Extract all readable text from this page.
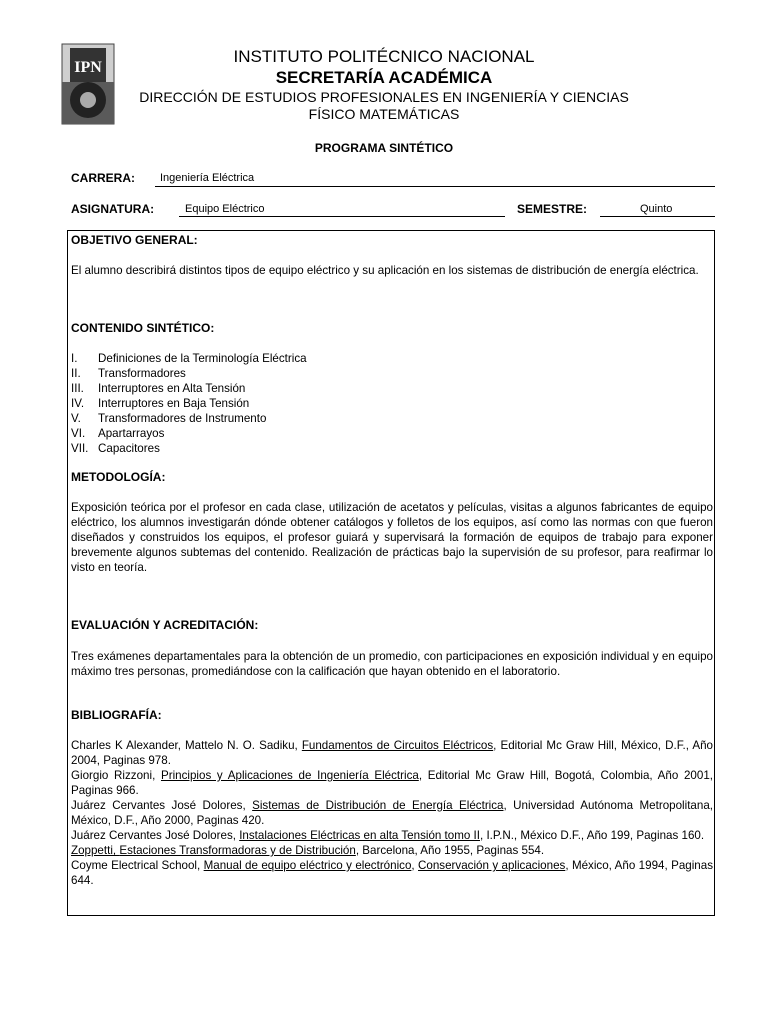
IPN
INSTITUTO POLITÉCNICO NACIONAL
SECRETARÍA ACADÉMICA
DIRECCIÓN DE ESTUDIOS PROFESIONALES EN INGENIERÍA Y CIENCIAS
FÍSICO MATEMÁTICAS
PROGRAMA SINTÉTICO
CARRERA: Ingeniería Eléctrica
ASIGNATURA:	Equipo Eléctrico	SEMESTRE:	Quinto
OBJETIVO GENERAL:
El alumno describirá distintos tipos de equipo eléctrico y su aplicación en los sistemas de distribución de energía eléctrica.
CONTENIDO SINTÉTICO:
I.	Definiciones de la Terminología Eléctrica
II.	Transformadores
III.	Interruptores en Alta Tensión
IV.	Interruptores en Baja Tensión
V.	Transformadores de Instrumento
VI.	Apartarrayos
VII. Capacitores
METODOLOGÍA:
Exposición teórica por el profesor en cada clase, utilización de acetatos y películas, visitas a algunos fabricantes de equipo eléctrico, los alumnos investigarán dónde obtener catálogos y folletos de los equipos, así como las normas con que fueron diseñados y construidos los equipos, el profesor guiará y supervisará la formación de equipos de trabajo para exponer brevemente algunos subtemas del contenido. Realización de prácticas bajo la supervisión de su profesor, para reafirmar lo visto en teoría.
EVALUACIÓN Y ACREDITACIÓN:
Tres exámenes departamentales para la obtención de un promedio, con participaciones en exposición individual y en equipo máximo tres personas, promediándose con la calificación que hayan obtenido en el laboratorio.
BIBLIOGRAFÍA:

Charles K Alexander, Mattelo N. O. Sadiku, Fundamentos de Circuitos Eléctricos, Editorial Mc Graw Hill, México, D.F., Año 2004, Paginas 978.

Giorgio Rizzoni, Principios y Aplicaciones de Ingeniería Eléctrica, Editorial Mc Graw Hill, Bogotá, Colombia, Año 2001, Paginas 966.

Juárez Cervantes José Dolores, Sistemas de Distribución de Energía Eléctrica, Universidad Autónoma Metropolitana, México, D.F., Año 2000, Paginas 420.

Juárez Cervantes José Dolores, Instalaciones Eléctricas en alta Tensión tomo II, I.P.N., México D.F., Año 199, Paginas 160.

Zoppetti, Estaciones Transformadoras y de Distribución, Barcelona, Año 1955, Paginas 554.

Coyme Electrical School, Manual de equipo eléctrico y electrónico, Conservación y aplicaciones, México, Año 1994, Paginas 644.
